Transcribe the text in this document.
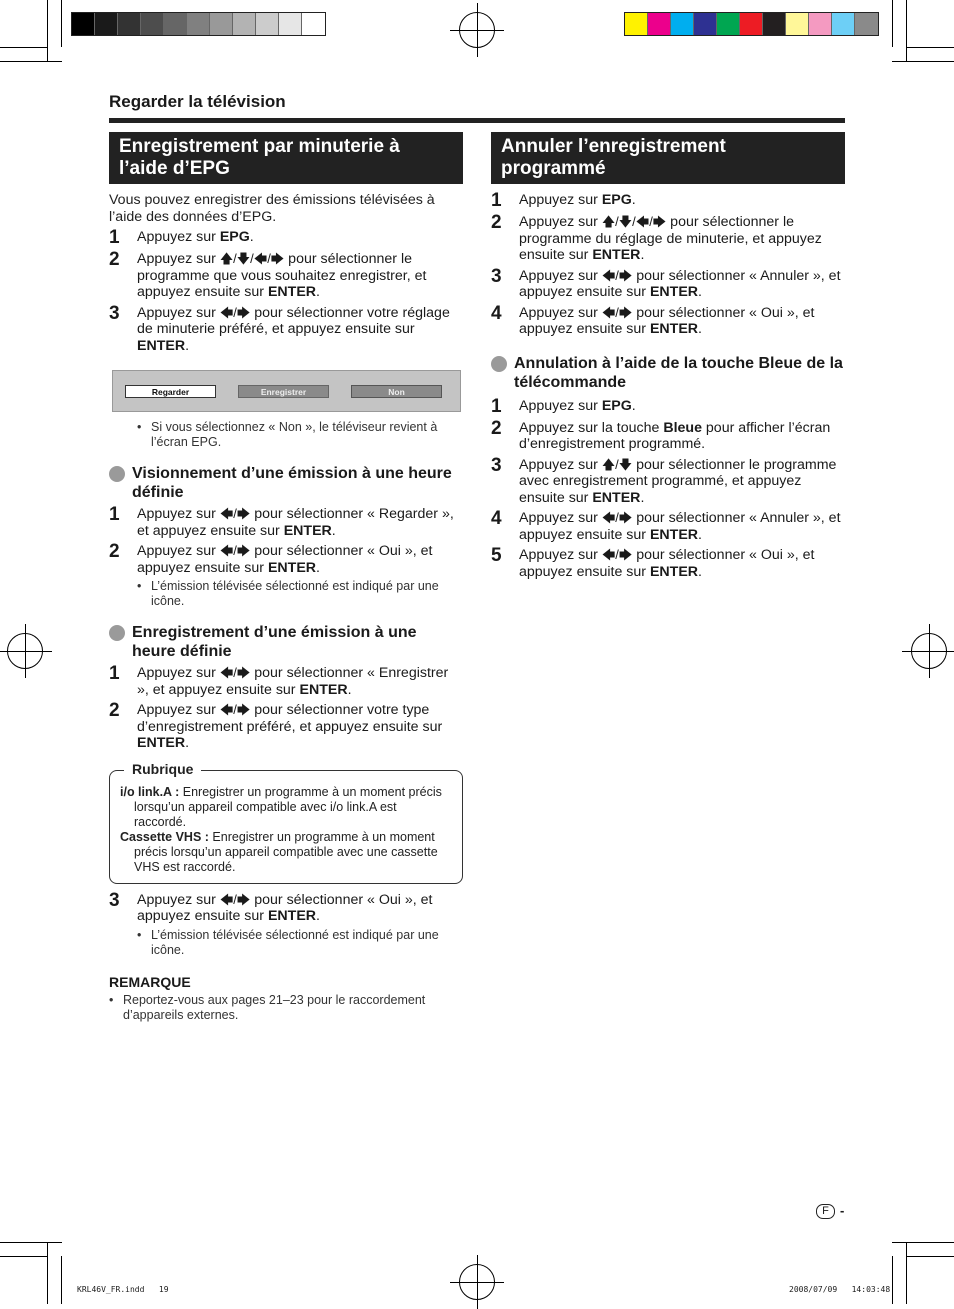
Regarder la télévision
Enregistrement par minuterie à l’aide d’EPG
Vous pouvez enregistrer des émissions télévisées à l’aide des données d’EPG.
1	Appuyez sur EPG.
2	Appuyez sur 🡅/🡇/🡄/🡆 pour sélectionner le programme que vous souhaitez enregistrer, et appuyez ensuite sur ENTER.
3	Appuyez sur 🡄/🡆 pour sélectionner votre réglage de minuterie préféré, et appuyez ensuite sur ENTER.
Regarder	Enregistrer	Non
• Si vous sélectionnez « Non », le téléviseur revient à l’écran EPG.
Visionnement d’une émission à une heure définie
1	Appuyez sur 🡄/🡆 pour sélectionner « Regarder », et appuyez ensuite sur ENTER.
2	Appuyez sur 🡄/🡆 pour sélectionner « Oui », et appuyez ensuite sur ENTER.
• L’émission télévisée sélectionné est indiqué par une icône.
Enregistrement d’une émission à une heure définie
1	Appuyez sur 🡄/🡆 pour sélectionner « Enregistrer », et appuyez ensuite sur ENTER.
2	Appuyez sur 🡄/🡆 pour sélectionner votre type d’enregistrement préféré, et appuyez ensuite sur ENTER.
Rubrique
i/o link.A : Enregistrer un programme à un moment précis lorsqu’un appareil compatible avec i/o link.A est raccordé.
Cassette VHS : Enregistrer un programme à un moment précis lorsqu’un appareil compatible avec une cassette VHS est raccordé.
3	Appuyez sur 🡄/🡆 pour sélectionner « Oui », et appuyez ensuite sur ENTER.
• L’émission télévisée sélectionné est indiqué par une icône.
REMARQUE
• Reportez-vous aux pages 21–23 pour le raccordement d’appareils externes.
Annuler l’enregistrement programmé
1	Appuyez sur EPG.
2	Appuyez sur 🡅/🡇/🡄/🡆 pour sélectionner le programme du réglage de minuterie, et appuyez ensuite sur ENTER.
3	Appuyez sur 🡄/🡆 pour sélectionner « Annuler », et appuyez ensuite sur ENTER.
4	Appuyez sur 🡄/🡆 pour sélectionner « Oui », et appuyez ensuite sur ENTER.
Annulation à l’aide de la touche Bleue de la télécommande
1	Appuyez sur EPG.
2	Appuyez sur la touche Bleue pour afficher l’écran d’enregistrement programmé.
3	Appuyez sur 🡅/🡇 pour sélectionner le programme avec enregistrement programmé, et appuyez ensuite sur ENTER.
4	Appuyez sur 🡄/🡆 pour sélectionner « Annuler », et appuyez ensuite sur ENTER.
5	Appuyez sur 🡄/🡆 pour sélectionner « Oui », et appuyez ensuite sur ENTER.
F -
KRL46V_FR.indd   19	2008/07/09   14:03:48
